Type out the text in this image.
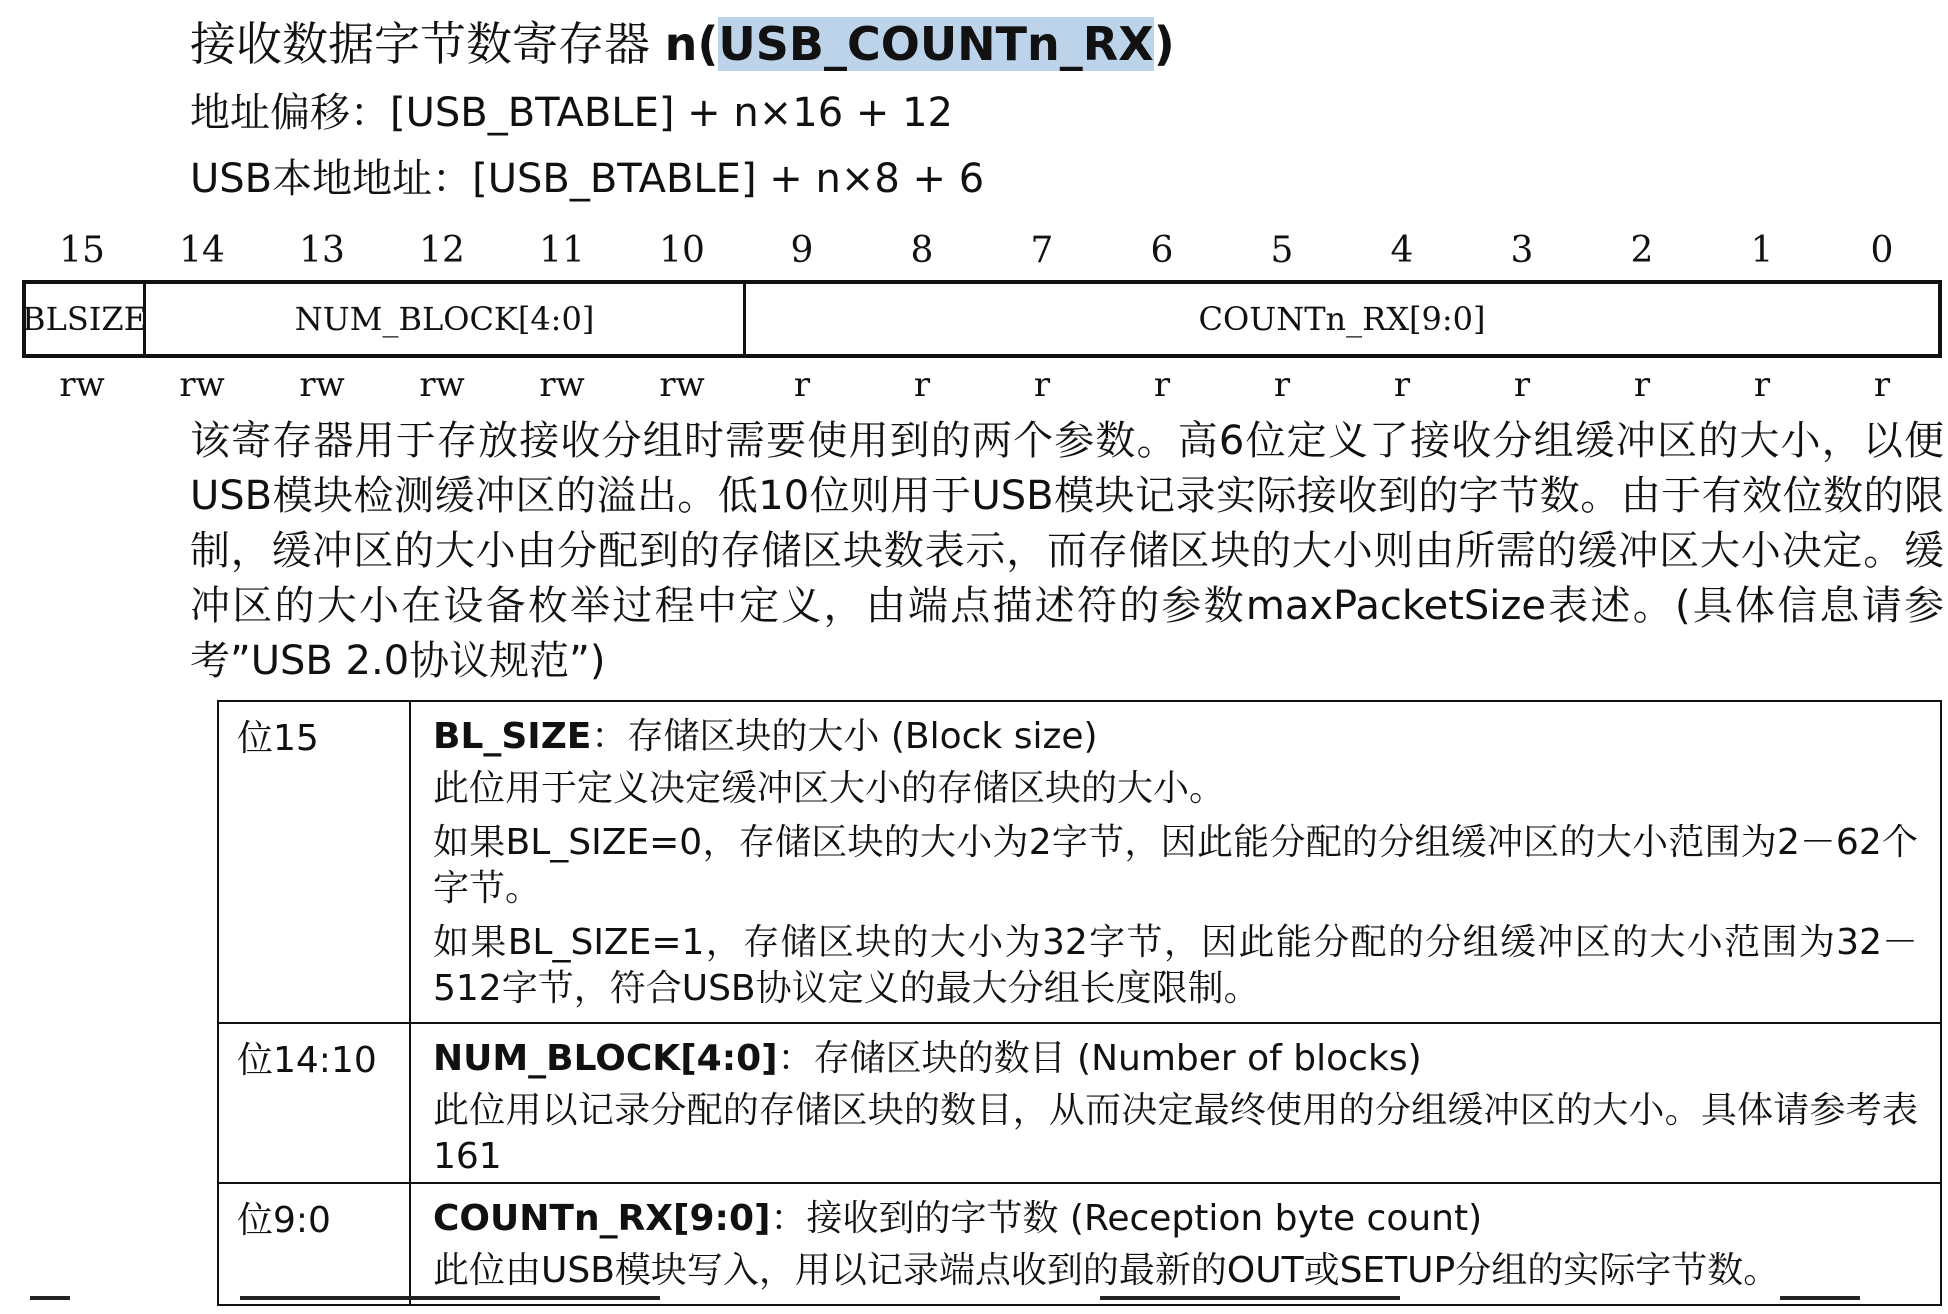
接收数据字节数寄存器 n(USB_COUNTn_RX)
地址偏移：[USB_BTABLE] + n×16 + 12
USB本地地址：[USB_BTABLE] + n×8 + 6
15	14	13	12	11	10	9	8	7	6	5	4	3	2	1	0
BLSIZE	NUM_BLOCK[4:0]	COUNTn_RX[9:0]
rw	rw	rw	rw	rw	rw	r	r	r	r	r	r	r	r	r	r

该寄存器用于存放接收分组时需要使用到的两个参数。高6位定义了接收分组缓冲区的大小，以便USB模块检测缓冲区的溢出。低10位则用于USB模块记录实际接收到的字节数。由于有效位数的限制，缓冲区的大小由分配到的存储区块数表示，而存储区块的大小则由所需的缓冲区大小决定。缓冲区的大小在设备枚举过程中定义，由端点描述符的参数maxPacketSize表述。(具体信息请参考”USB 2.0协议规范”)

位15	BL_SIZE：存储区块的大小 (Block size)

此位用于定义决定缓冲区大小的存储区块的大小。

如果BL_SIZE=0，存储区块的大小为2字节，因此能分配的分组缓冲区的大小范围为2－62个字节。

如果BL_SIZE=1，存储区块的大小为32字节，因此能分配的分组缓冲区的大小范围为32－512字节，符合USB协议定义的最大分组长度限制。

位14:10	NUM_BLOCK[4:0]：存储区块的数目 (Number of blocks)

此位用以记录分配的存储区块的数目，从而决定最终使用的分组缓冲区的大小。具体请参考表161

位9:0	COUNTn_RX[9:0]：接收到的字节数 (Reception byte count)

此位由USB模块写入，用以记录端点收到的最新的OUT或SETUP分组的实际字节数。
